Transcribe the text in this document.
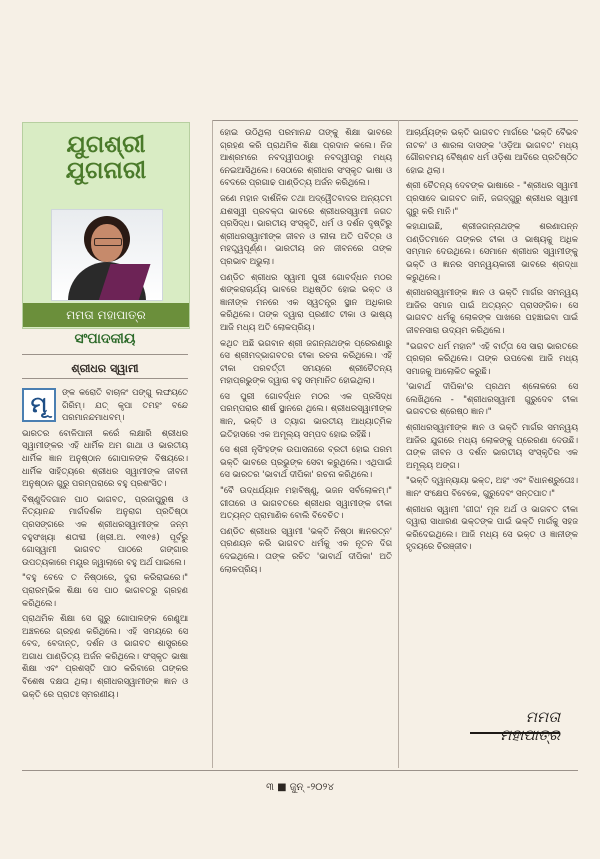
ଯୁଗଶ୍ରୀ
ଯୁଗନାରୀ
ମମତା ମହାପାତ୍ର
ସଂପାଦକୀୟ
ଶ୍ରୀଧର ସ୍ୱାମୀ
ମୂ	ଙ୍କ କରୋତି ବାଚାଳଂ ପଙ୍ଗୁ ଲଙ୍ଘୟତେ ଗିରିମ୍। ଯତ୍ କୃପା ତମହଂ ବନ୍ଦେ ପରମାନନ୍ଦମାଧବମ୍।

ଭାରତର ବୋଳିପାନୀ କରେଁ ଲକ୍ଷାରି ଶ୍ରୀଧର ସ୍ୱାମୀଙ୍କର ଏହି ଧାର୍ମିକ ଅମ ଗାଥା ଓ ଭାରତୀୟ ଧାର୍ମିକ ଜ୍ଞାନ ଅନୁଷ୍ଠାନ ଗୋପାଳଙ୍କ ବିଷୟରେ। ଧାର୍ମିକ ସାହିତ୍ୟରେ ଶ୍ରୀଧର ସ୍ୱାମୀଙ୍କ ଜୀବନୀ ଅନୁଷ୍ଠାନ ଗୁରୁ ପରମ୍ପରାରେ ବହୁ ପ୍ରଶଂସିତ।

ବିଷ୍ଣୁଦିଦଗାନ ପାଠ ଭାଗବତ, ପ୍ରଜାପୁରୁଷ ଓ ନିତ୍ୟାନନ୍ଦ ମାର୍ଗଦର୍ଶକ ଅନୁରାଗ ପ୍ରତିଷ୍ଠା ପ୍ରସଙ୍ଗରେ ଏକ ଶ୍ରୀଧରସ୍ୱାମୀଙ୍କ ଜନ୍ମ ବହୁସଂଖ୍ୟା ଶତାବ୍ଦୀ (ଖ୍ରୀ.ଅ. ୧୩୧୫) ପୂର୍ବରୁ ଗୋସ୍ୱାମୀ ଭାଗବତ ପାଠରେ ଗଙ୍ଗାର ଉପତ୍ୟକାରେ ମୟୂର ଜ୍ୱାଲାରେ ବହୁ ଅର୍ଥ ପାଇଲେ।

"ବହୁ ବେଦେ ତ ନିଷ୍ଠାରେ, ଦୁରା କରିରାଇରେ।" ପ୍ରାରମ୍ଭିକ ଶିକ୍ଷା ସେ ପାଠ ଭାଗବତରୁ ଗ୍ରହଣ କରିଥିଲେ।

ପ୍ରାଥମିକ ଶିକ୍ଷା ସେ ଗୁରୁ ଗୋପାଳଙ୍କ ରେଣୁଆ ଅଞ୍ଚଳରେ ଗ୍ରହଣ କରିଥିଲେ। ଏହି ସମୟରେ ସେ ବେଦ, ବେଦାନ୍ତ, ଦର୍ଶନ ଓ ଭାଗବତ ଶାସ୍ତ୍ରରେ ଅଗାଧ ପାଣ୍ଡିତ୍ୟ ଅର୍ଜନ କରିଥିଲେ। ସଂସ୍କୃତ ଭାଷା ଶିକ୍ଷା ଏବଂ ପ୍ରଶସ୍ତି ପାଠ କରିବାରେ ତାଙ୍କର ବିଶେଷ ଦକ୍ଷତା ଥିଲା। ଶ୍ରୀଧରସ୍ୱାମୀଙ୍କ ଜ୍ଞାନ ଓ ଭକ୍ତି ରେ ପ୍ରାତଃ ସ୍ମରଣୀୟ।

ହୋଇ ଉଠିଥିଲା ପରମାନନ୍ଦ ତାଙ୍କୁ ଶିକ୍ଷା ଭାବରେ ଗ୍ରହଣ କରି ପ୍ରାଥମିକ ଶିକ୍ଷା ପ୍ରଦାନ କଲେ। ନିଜ ଆଶ୍ରମରେ ନବଦ୍ୱୀପଠାରୁ ନବଦ୍ୱୀପରୁ ମଧ୍ୟ ନେଇଆସିଥିଲେ। ସେଠାରେ ଶ୍ରୀଧର ସଂସ୍କୃତ ଭାଷା ଓ ବେଦରେ ପ୍ରଗାଢ ପାଣ୍ଡିତ୍ୟ ଅର୍ଜନ କରିଥିଲେ।

ଜଣେ ମହାନ ଦାର୍ଶନିକ ତଥା ଅଦ୍ୱୈତବାଦର ଅନ୍ୟତମ ଯଶସ୍ୱୀ ପ୍ରବକ୍ତା ଭାବରେ ଶ୍ରୀଧରସ୍ୱାମୀ ଜଗତ ପ୍ରସିଦ୍ଧ। ଭାରତୀୟ ସଂସ୍କୃତି, ଧର୍ମ ଓ ଦର୍ଶନ ଦୃଷ୍ଟିରୁ ଶ୍ରୀଧରସ୍ୱାମୀଙ୍କ ଜୀବନ ଓ ଲୀଳା ଅତି ପବିତ୍ର ଓ ମହତ୍ତ୍ୱପୂର୍ଣ୍ଣ। ଭାରତୀୟ ଜନ ଜୀବନରେ ତାଙ୍କ ପ୍ରଭାବ ଅଭୁଲା।

ପଣ୍ଡିତ ଶ୍ରୀଧର ସ୍ୱାମୀ ପୁରୀ ଗୋବର୍ଦ୍ଧନ ମଠର ଶଙ୍କରାଚାର୍ଯ୍ୟ ଭାବରେ ଅଧିଷ୍ଠିତ ହୋଇ ଭକ୍ତ ଓ ଜ୍ଞାନୀଙ୍କ ମନରେ ଏକ ସ୍ୱତନ୍ତ୍ର ସ୍ଥାନ ଅଧିକାର କରିଥିଲେ। ତାଙ୍କ ଦ୍ୱାରା ପ୍ରଣୀତ ଟୀକା ଓ ଭାଷ୍ୟ ଆଜି ମଧ୍ୟ ଅତି ଲୋକପ୍ରିୟ।

କଥିତ ଅଛି ଭଗବାନ ଶ୍ରୀ ଜଗନ୍ନାଥଙ୍କ ପ୍ରେରଣାରୁ ସେ ଶ୍ରୀମଦ୍ଭାଗବତର ଟୀକା ରଚନା କରିଥିଲେ। ଏହି ଟୀକା ପରବର୍ତ୍ତୀ ସମୟରେ ଶ୍ରୀଚୈତନ୍ୟ ମହାପ୍ରଭୁଙ୍କ ଦ୍ୱାରା ବହୁ ସମ୍ମାନିତ ହୋଇଥିଲା।

ସେ ପୁରୀ ଗୋବର୍ଦ୍ଧନ ମଠର ଏକ ପ୍ରସିଦ୍ଧ ପରମ୍ପରାର ଶୀର୍ଷ ସ୍ଥାନରେ ଥିଲେ। ଶ୍ରୀଧରସ୍ୱାମୀଙ୍କ ଜ୍ଞାନ, ଭକ୍ତି ଓ ତ୍ୟାଗ ଭାରତୀୟ ଆଧ୍ୟାତ୍ମିକ ଇତିହାସରେ ଏକ ଅମୂଲ୍ୟ ସମ୍ପଦ ହୋଇ ରହିଛି।

ସେ ଶ୍ରୀ ନୃସିଂହଙ୍କ ଉପାସନାରେ ବ୍ରତୀ ହୋଇ ପରମ ଭକ୍ତି ଭାବରେ ପ୍ରଭୁଙ୍କ ସେବା କରୁଥିଲେ। ଏଥିପାଇଁ ସେ ଭାରତର 'ଭାବାର୍ଥ ଦୀପିକା' ରଚନା କରିଥିଲେ।

"ବୈ ଉଦ୍ଧର୍ଯ୍ୟାନ ମହାବିଷ୍ଣୁ, ଭଜନ ସର୍ବଲୋକମ୍।" ଗୀତାରେ ଓ ଭାଗବତରେ ଶ୍ରୀଧର ସ୍ୱାମୀଙ୍କ ଟୀକା ଅତ୍ୟନ୍ତ ପ୍ରାମାଣିକ ବୋଲି ବିବେଚିତ।

ପଣ୍ଡିତ ଶ୍ରୀଧର ସ୍ୱାମୀ 'ଭକ୍ତି ନିଷ୍ଠା ଜ୍ଞାନରତ୍ନ' ପ୍ରଣୟନ କରି ଭାଗବତ ଧର୍ମକୁ ଏକ ନୂତନ ଦିଗ ଦେଇଥିଲେ। ତାଙ୍କ ରଚିତ 'ଭାବାର୍ଥ ଦୀପିକା' ଅତି ଲୋକପ୍ରିୟ।

ଆଚାର୍ଯ୍ୟଙ୍କ ଭକ୍ତି ଭାଗବତ ମାର୍ଗରେ 'ଭକ୍ତି ବୈଭବ ନାଟକ' ଓ ଶାରଳା ଦାସଙ୍କ 'ଓଡ଼ିଆ ଭାଗବତ' ମଧ୍ୟ ଗୌରବମୟ ବୈଷ୍ଣବ ଧର୍ମ ଓଡ଼ିଶା ଆଦିରେ ପ୍ରତିଷ୍ଠିତ ହୋଇ ଥିଲା।

ଶ୍ରୀ ଚୈତନ୍ୟ ଦେବଙ୍କ ଭାଷାରେ - "ଶ୍ରୀଧର ସ୍ୱାମୀ ପ୍ରସାଦେ ଭାଗବତ ଜାନି, ଜଗଦ୍ଗୁରୁ ଶ୍ରୀଧର ସ୍ୱାମୀ ଗୁରୁ କରି ମାନି।"

କହାଯାଇଛି, ଶ୍ରୀଜଗନ୍ନାଥଙ୍କ ଶରଣାପନ୍ନ ପଣ୍ଡିତମାନେ ତାଙ୍କର ଟୀକା ଓ ଭାଷ୍ୟକୁ ଅଧିକ ସମ୍ମାନ ଦେଉଥିଲେ। ସେମାନେ ଶ୍ରୀଧର ସ୍ୱାମୀଙ୍କୁ ଭକ୍ତି ଓ ଜ୍ଞାନର ସମନ୍ୱୟକାରୀ ଭାବରେ ଶ୍ରଦ୍ଧା କରୁଥିଲେ।

ଶ୍ରୀଧରସ୍ୱାମୀଙ୍କ ଜ୍ଞାନ ଓ ଭକ୍ତି ମାର୍ଗର ସମନ୍ୱୟ ଆଜିର ସମାଜ ପାଇଁ ଅତ୍ୟନ୍ତ ପ୍ରାସଙ୍ଗିକ। ସେ ଭାଗବତ ଧର୍ମକୁ ଲୋକଙ୍କ ପାଖରେ ପହଞ୍ଚାଇବା ପାଇଁ ଜୀବନସାରା ଉଦ୍ୟମ କରିଥିଲେ।

"ଭଗବତ ଧର୍ମ ମହାନ" ଏହି ବାର୍ତ୍ତା ସେ ସାରା ଭାରତରେ ପ୍ରଚାର କରିଥିଲେ। ତାଙ୍କ ଉପଦେଶ ଆଜି ମଧ୍ୟ ସମାଜକୁ ଆଲୋକିତ କରୁଛି।

'ଭାବାର୍ଥ ଦୀପିକା'ର ପ୍ରଥମ ଶ୍ଳୋକରେ ସେ ଲେଖିଥିଲେ - "ଶ୍ରୀଧରସ୍ୱାମୀ ଗୁରୁଦେବ ଟୀକା ଭଗବତର ଶ୍ରେଷ୍ଠ ଜ୍ଞାନ।"

ଶ୍ରୀଧରସ୍ୱାମୀଙ୍କ ଜ୍ଞାନ ଓ ଭକ୍ତି ମାର୍ଗର ସମନ୍ୱୟ ଆଜିର ଯୁଗରେ ମଧ୍ୟ ଲୋକଙ୍କୁ ପ୍ରେରଣା ଦେଉଛି। ତାଙ୍କ ଜୀବନ ଓ ଦର୍ଶନ ଭାରତୀୟ ସଂସ୍କୃତିର ଏକ ଅମୂଲ୍ୟ ଅଙ୍ଗ।

"ଭକ୍ତି ଦ୍ୱାନ୍ୟାୟା ଭକ୍ତ, ଅହଂ ଏବଂ ବିଧାନଶ୍ରୁତୋଃ। ଜ୍ଞାନଂ ସଂକ୍ଷେପ ବିବେକେ, ଗୁରୁଦେବଂ ସନ୍ତପାତ।"

ଶ୍ରୀଧର ସ୍ୱାମୀ 'ଗୀତା' ମୂଳ ଅର୍ଥ ଓ ଭାଗବତ ଟୀକା ଦ୍ୱାରା ସାଧାରଣ ଭକ୍ତଙ୍କ ପାଇଁ ଭକ୍ତି ମାର୍ଗକୁ ସହଜ କରିଦେଇଥିଲେ। ଆଜି ମଧ୍ୟ ସେ ଭକ୍ତ ଓ ଜ୍ଞାନୀଙ୍କ ହୃଦୟରେ ଚିରଞ୍ଜୀବ।

ମମତା ମହାପାତ୍ର
୩ ■ ଜୁନ୍ -୨୦୨୪
